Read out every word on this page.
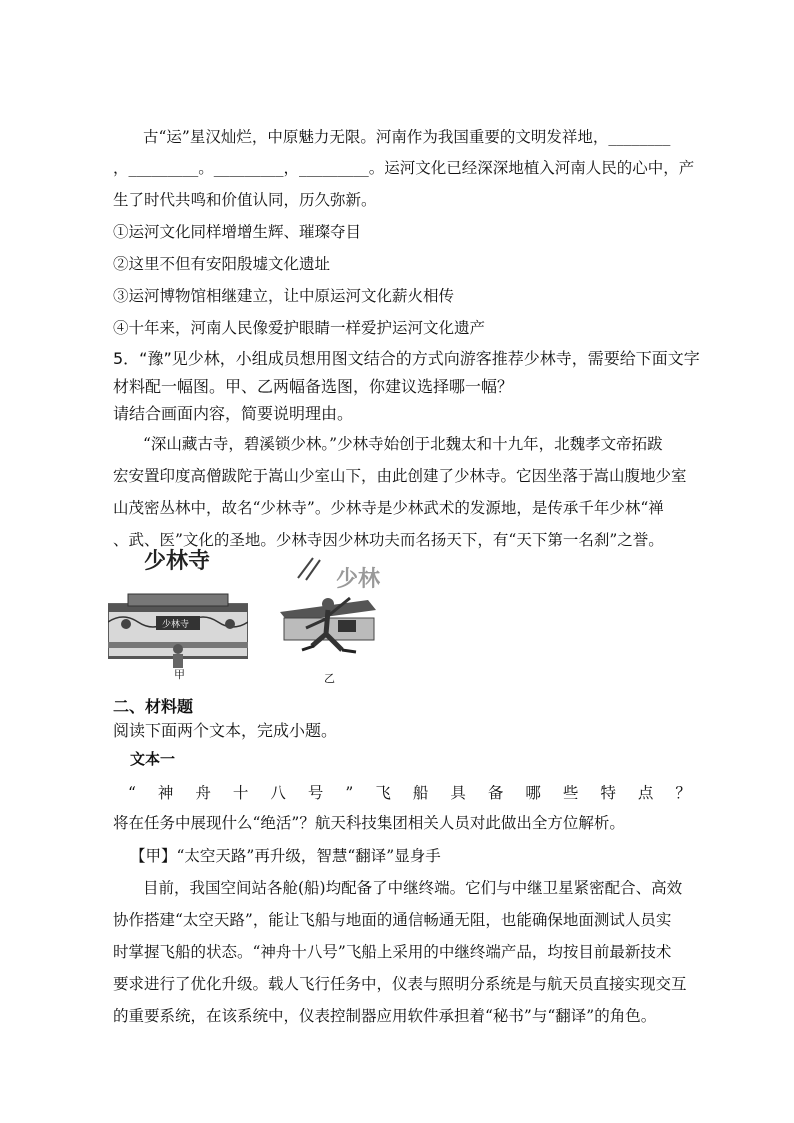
古“运”星汉灿烂，中原魅力无限。河南作为我国重要的文明发祥地，________
，_________。_________，_________。运河文化已经深深地植入河南人民的心中，产
生了时代共鸣和价值认同，历久弥新。
①运河文化同样增增生辉、璀璨夺目
②这里不但有安阳殷墟文化遗址
③运河博物馆相继建立，让中原运河文化薪火相传
④十年来，河南人民像爱护眼睛一样爱护运河文化遗产
5．“豫”见少林，小组成员想用图文结合的方式向游客推荐少林寺，需要给下面文字
材料配一幅图。甲、乙两幅备选图，你建议选择哪一幅？
请结合画面内容，简要说明理由。
“深山藏古寺，碧溪锁少林。”少林寺始创于北魏太和十九年，北魏孝文帝拓跋
宏安置印度高僧跋陀于嵩山少室山下，由此创建了少林寺。它因坐落于嵩山腹地少室
山茂密丛林中，故名“少林寺”。少林寺是少林武术的发源地，是传承千年少林“禅
、武、医”文化的圣地。少林寺因少林功夫而名扬天下，有“天下第一名刹”之誉。
少林寺
少林寺
甲
少林
乙
二、材料题
阅读下面两个文本，完成小题。
文本一
“ 神 舟 十 八 号 ” 飞 船 具 备 哪 些 特 点 ？
将在任务中展现什么“绝活”？航天科技集团相关人员对此做出全方位解析。
【甲】“太空天路”再升级，智慧“翻译”显身手
目前，我国空间站各舱(船)均配备了中继终端。它们与中继卫星紧密配合、高效
协作搭建“太空天路”，能让飞船与地面的通信畅通无阻，也能确保地面测试人员实
时掌握飞船的状态。“神舟十八号”飞船上采用的中继终端产品，均按目前最新技术
要求进行了优化升级。载人飞行任务中，仪表与照明分系统是与航天员直接实现交互
的重要系统，在该系统中，仪表控制器应用软件承担着“秘书”与“翻译”的角色。
